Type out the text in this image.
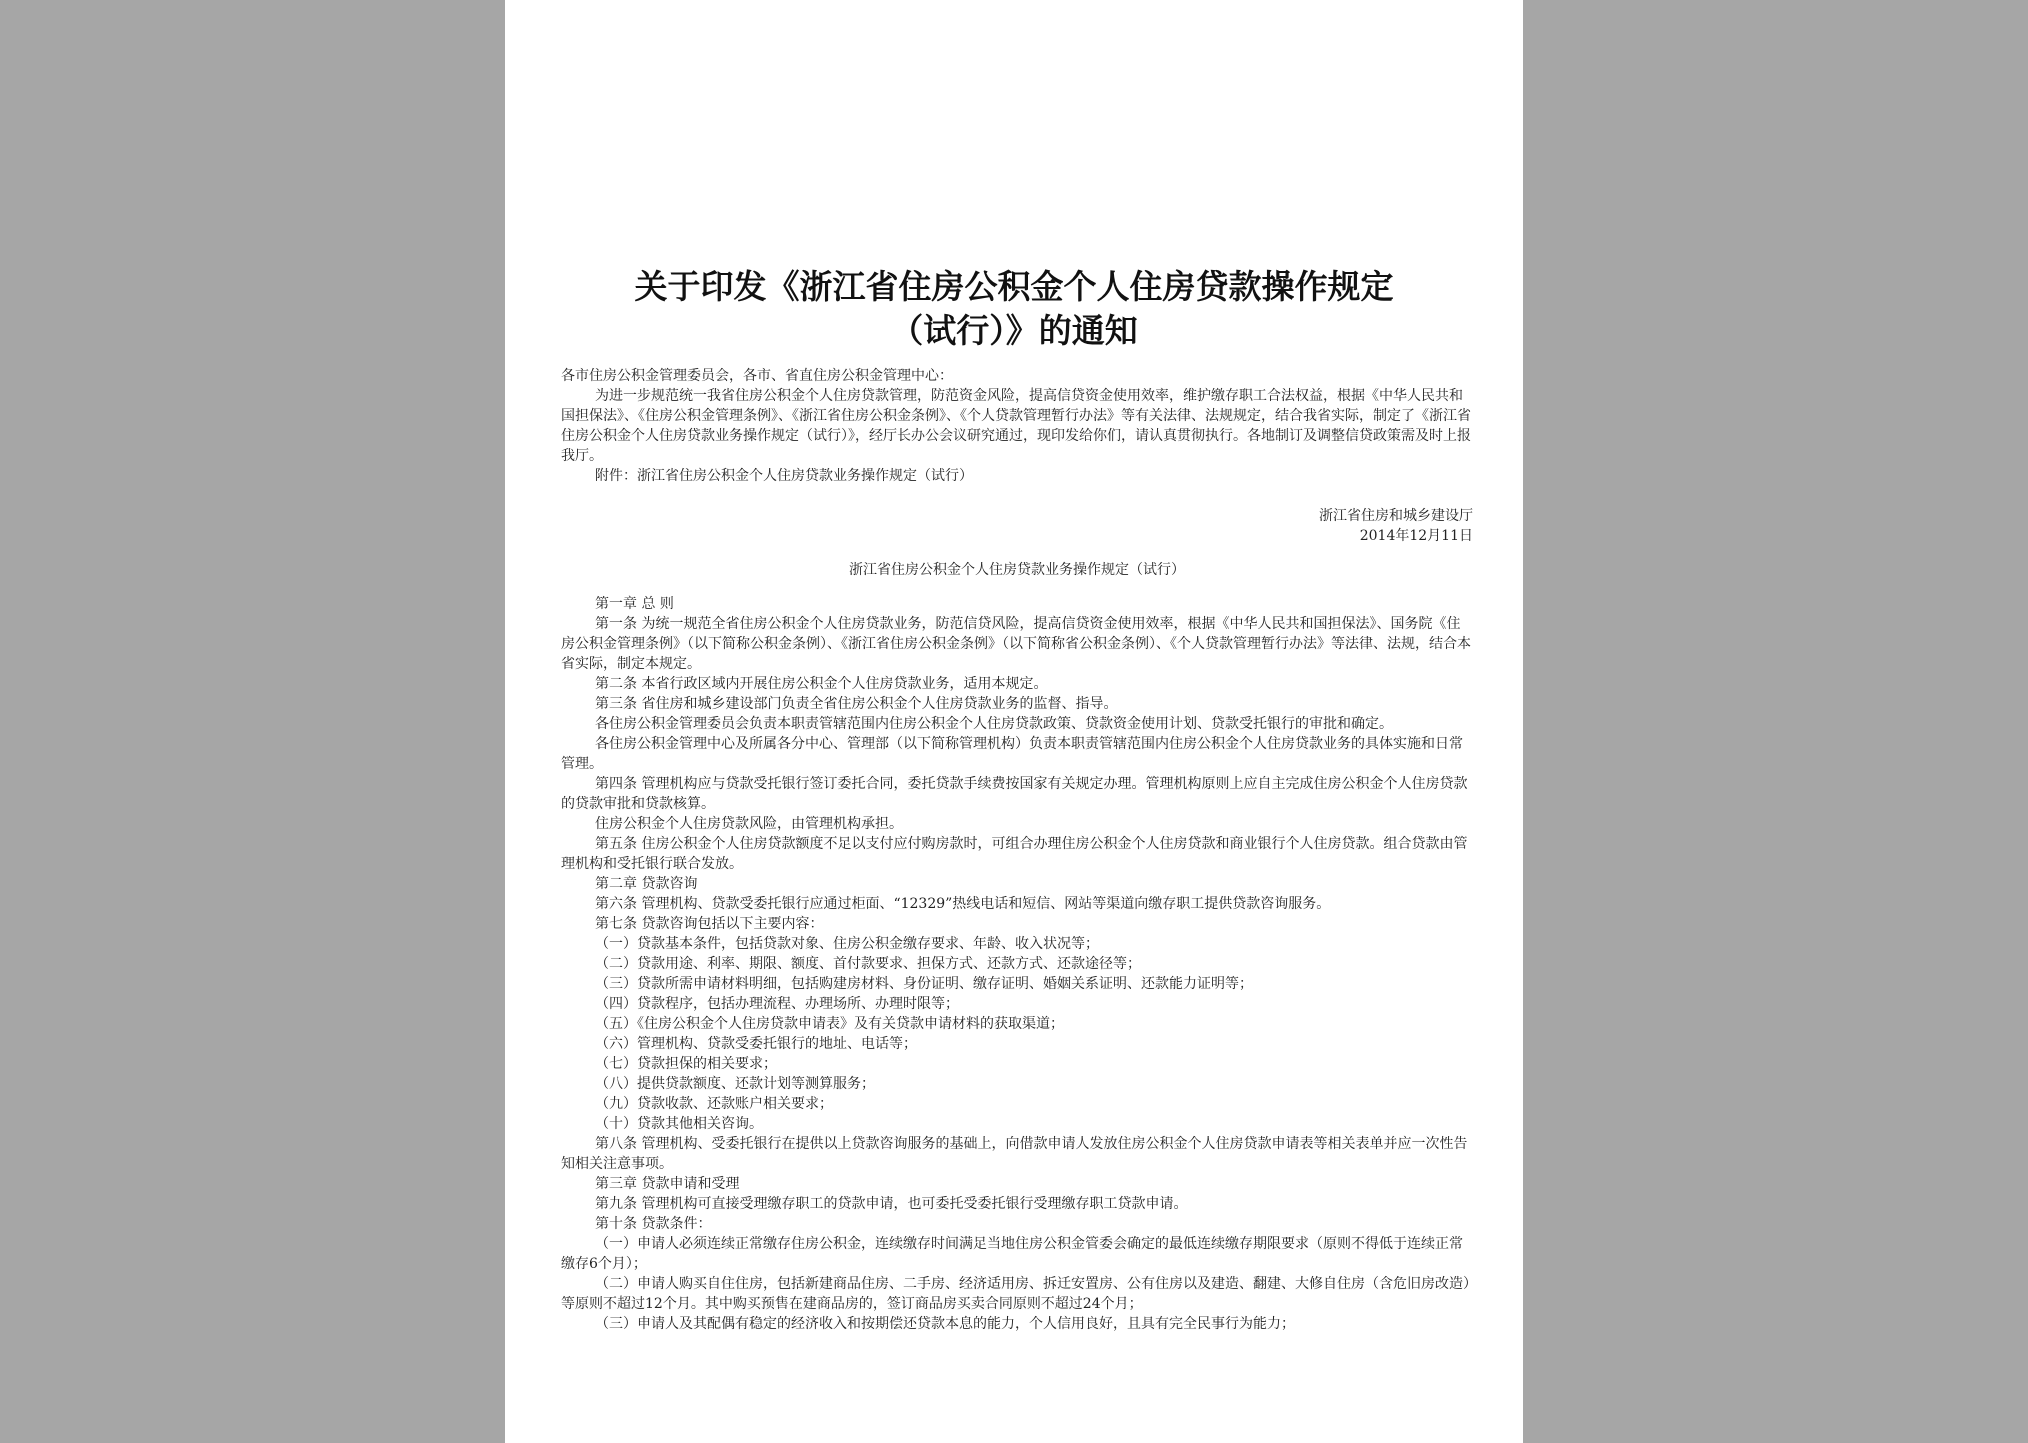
关于印发《浙江省住房公积金个人住房贷款操作规定
（试行）》的通知

各市住房公积金管理委员会，各市、省直住房公积金管理中心：

为进一步规范统一我省住房公积金个人住房贷款管理，防范资金风险，提高信贷资金使用效率，维护缴存职工合法权益，根据《中华人民共和国担保法》、《住房公积金管理条例》、《浙江省住房公积金条例》、《个人贷款管理暂行办法》等有关法律、法规规定，结合我省实际，制定了《浙江省住房公积金个人住房贷款业务操作规定（试行）》，经厅长办公会议研究通过，现印发给你们，请认真贯彻执行。各地制订及调整信贷政策需及时上报我厅。

附件：浙江省住房公积金个人住房贷款业务操作规定（试行）

浙江省住房和城乡建设厅

2014年12月11日

浙江省住房公积金个人住房贷款业务操作规定（试行）

第一章 总 则

第一条 为统一规范全省住房公积金个人住房贷款业务，防范信贷风险，提高信贷资金使用效率，根据《中华人民共和国担保法》、国务院《住房公积金管理条例》（以下简称公积金条例）、《浙江省住房公积金条例》（以下简称省公积金条例）、《个人贷款管理暂行办法》等法律、法规，结合本省实际，制定本规定。

第二条 本省行政区域内开展住房公积金个人住房贷款业务，适用本规定。

第三条 省住房和城乡建设部门负责全省住房公积金个人住房贷款业务的监督、指导。

各住房公积金管理委员会负责本职责管辖范围内住房公积金个人住房贷款政策、贷款资金使用计划、贷款受托银行的审批和确定。

各住房公积金管理中心及所属各分中心、管理部（以下简称管理机构）负责本职责管辖范围内住房公积金个人住房贷款业务的具体实施和日常管理。

第四条 管理机构应与贷款受托银行签订委托合同，委托贷款手续费按国家有关规定办理。管理机构原则上应自主完成住房公积金个人住房贷款的贷款审批和贷款核算。

住房公积金个人住房贷款风险，由管理机构承担。

第五条 住房公积金个人住房贷款额度不足以支付应付购房款时，可组合办理住房公积金个人住房贷款和商业银行个人住房贷款。组合贷款由管理机构和受托银行联合发放。

第二章 贷款咨询

第六条 管理机构、贷款受委托银行应通过柜面、“12329”热线电话和短信、网站等渠道向缴存职工提供贷款咨询服务。

第七条 贷款咨询包括以下主要内容：

（一）贷款基本条件，包括贷款对象、住房公积金缴存要求、年龄、收入状况等；

（二）贷款用途、利率、期限、额度、首付款要求、担保方式、还款方式、还款途径等；

（三）贷款所需申请材料明细，包括购建房材料、身份证明、缴存证明、婚姻关系证明、还款能力证明等；

（四）贷款程序，包括办理流程、办理场所、办理时限等；

（五）《住房公积金个人住房贷款申请表》及有关贷款申请材料的获取渠道；

（六）管理机构、贷款受委托银行的地址、电话等；

（七）贷款担保的相关要求；

（八）提供贷款额度、还款计划等测算服务；

（九）贷款收款、还款账户相关要求；

（十）贷款其他相关咨询。

第八条 管理机构、受委托银行在提供以上贷款咨询服务的基础上，向借款申请人发放住房公积金个人住房贷款申请表等相关表单并应一次性告知相关注意事项。

第三章 贷款申请和受理

第九条 管理机构可直接受理缴存职工的贷款申请，也可委托受委托银行受理缴存职工贷款申请。

第十条 贷款条件：

（一）申请人必须连续正常缴存住房公积金，连续缴存时间满足当地住房公积金管委会确定的最低连续缴存期限要求（原则不得低于连续正常缴存6个月）；

（二）申请人购买自住住房，包括新建商品住房、二手房、经济适用房、拆迁安置房、公有住房以及建造、翻建、大修自住房（含危旧房改造）等原则不超过12个月。其中购买预售在建商品房的，签订商品房买卖合同原则不超过24个月；

（三）申请人及其配偶有稳定的经济收入和按期偿还贷款本息的能力，个人信用良好，且具有完全民事行为能力；
